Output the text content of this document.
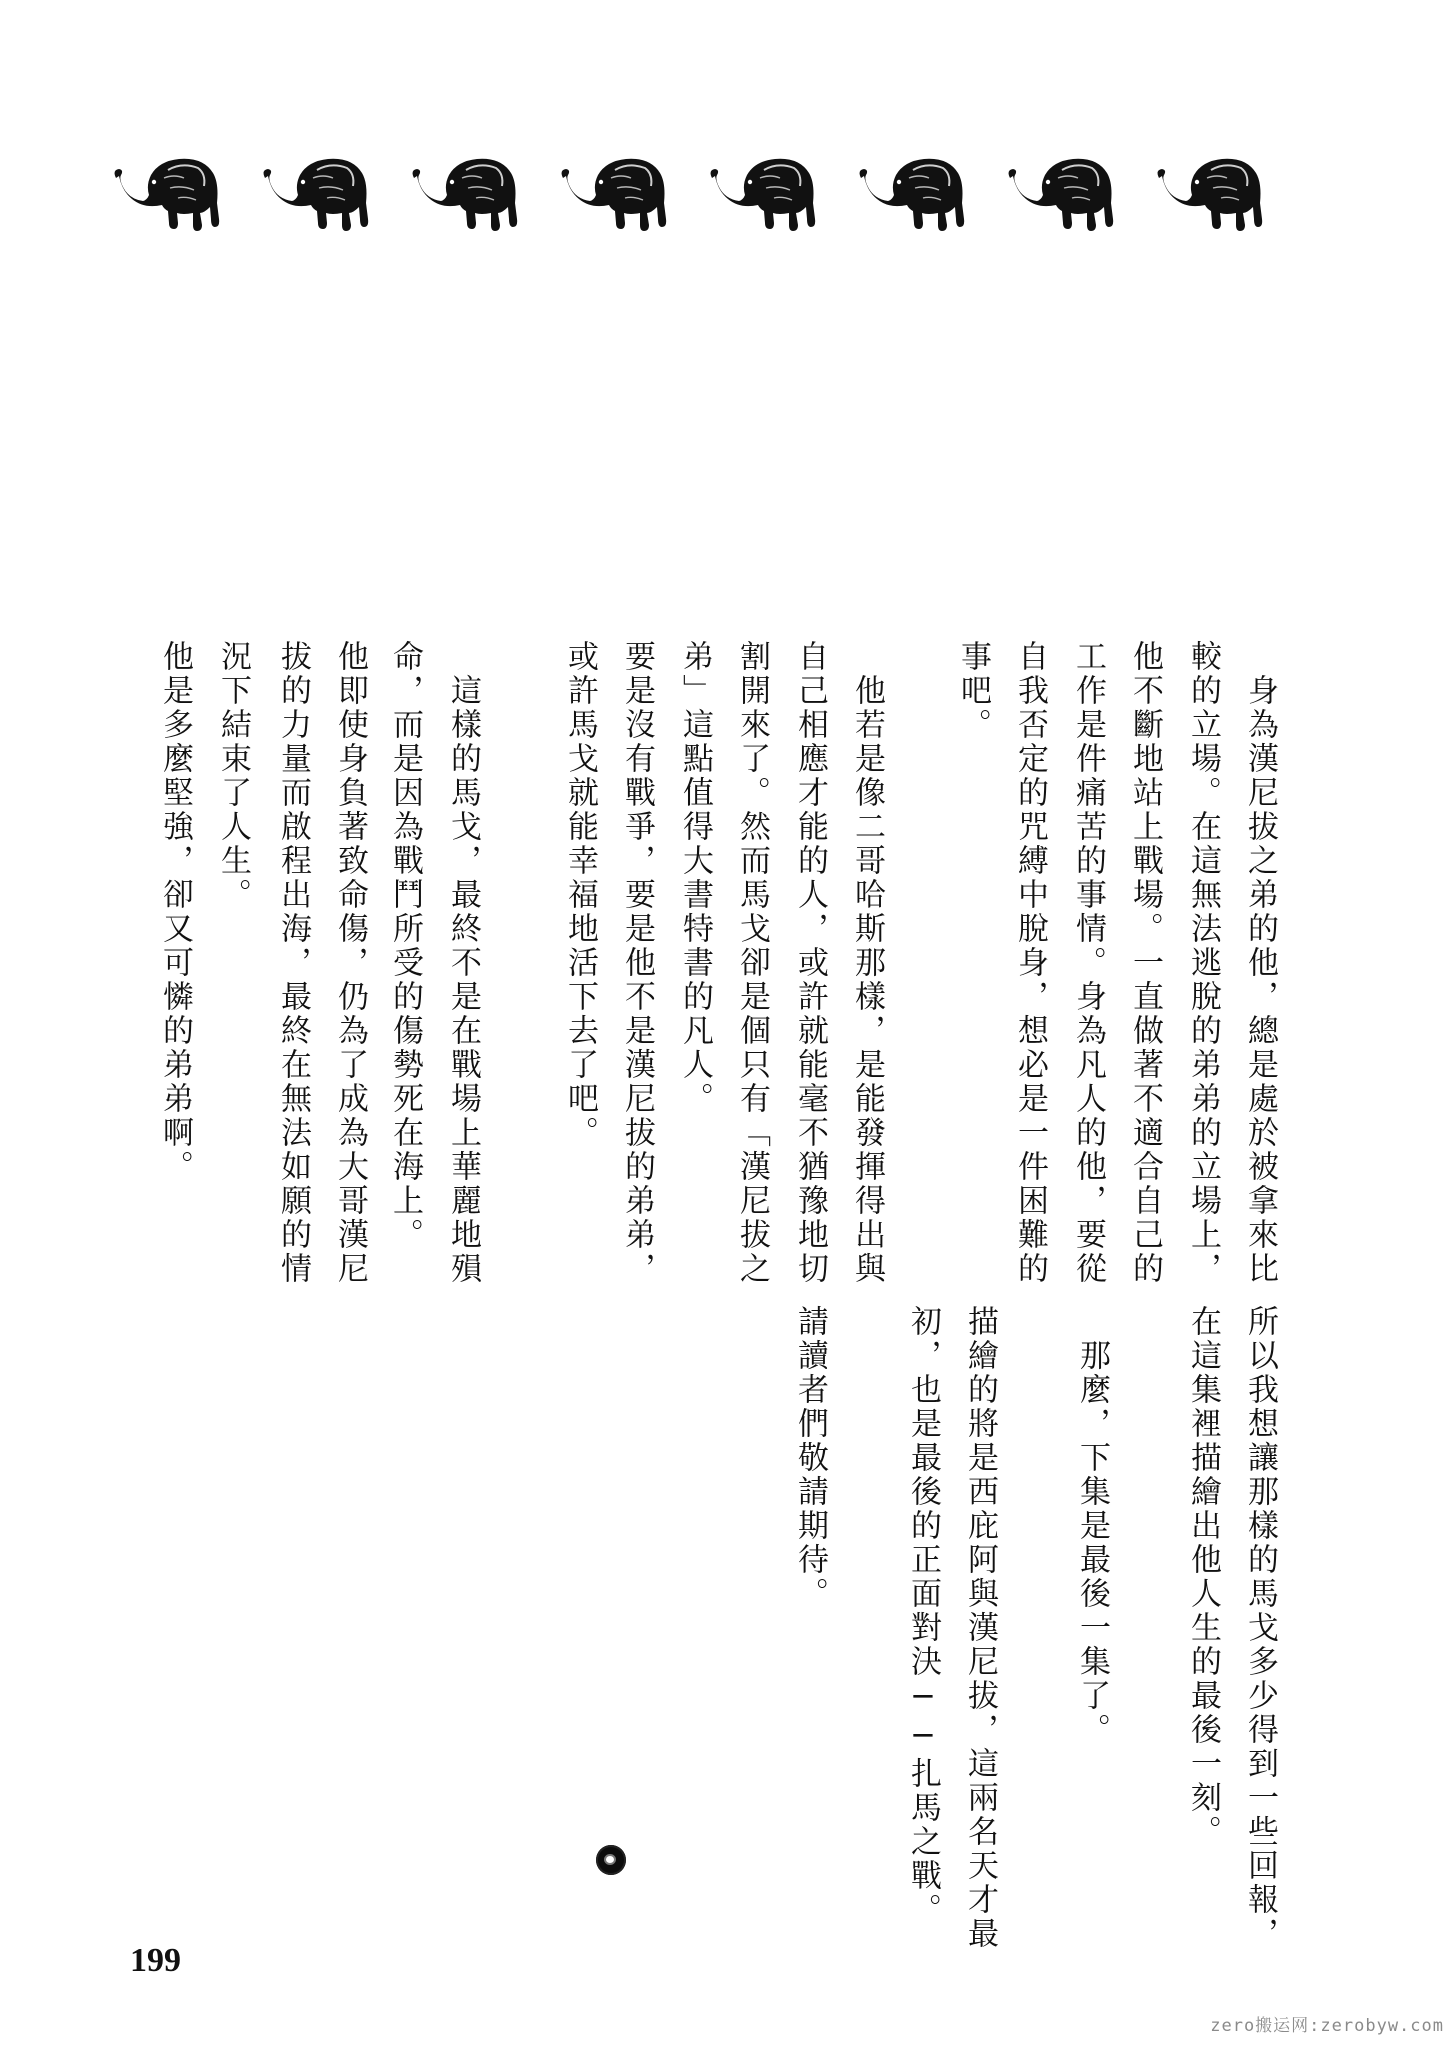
　身為漢尼拔之弟的他，總是處於被拿來比
較的立場。在這無法逃脫的弟弟的立場上，
他不斷地站上戰場。一直做著不適合自己的
工作是件痛苦的事情。身為凡人的他，要從
自我否定的咒縛中脫身，想必是一件困難的
事吧。
　他若是像二哥哈斯那樣，是能發揮得出與
自己相應才能的人，或許就能毫不猶豫地切
割開來了。然而馬戈卻是個只有「漢尼拔之
弟」這點值得大書特書的凡人。
要是沒有戰爭，要是他不是漢尼拔的弟弟，
或許馬戈就能幸福地活下去了吧。
　這樣的馬戈，最終不是在戰場上華麗地殞
命，而是因為戰鬥所受的傷勢死在海上。
他即使身負著致命傷，仍為了成為大哥漢尼
拔的力量而啟程出海，最終在無法如願的情
況下結束了人生。
他是多麼堅強，卻又可憐的弟弟啊。
所以我想讓那樣的馬戈多少得到一些回報，
在這集裡描繪出他人生的最後一刻。
　那麼，下集是最後一集了。
描繪的將是西庇阿與漢尼拔，這兩名天才最
初，也是最後的正面對決──扎馬之戰。
請讀者們敬請期待。
199
zero搬运网:zerobyw.com
